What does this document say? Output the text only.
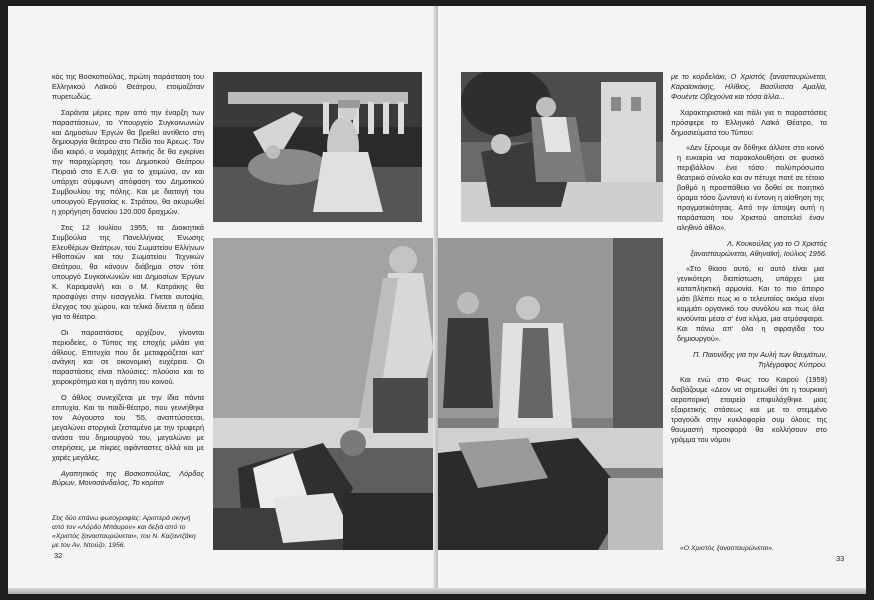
κός της Βοσκοπούλας, πρώτη παράσταση του Ελληνικού Λαϊκού Θεάτρου, ετοιμαζόταν πυρετωδώς.

Σαράντα μέρες πριν από την έναρξη των παραστάσεων, το Υπουργείο Συγκοινωνιών και Δημοσίων Έργων θα βρεθεί αντίθετο στη δημιουργία θεάτρου στο Πεδίο του Άρεως. Τον ίδιο καιρό, ο νομάρχης Αττικής δε θα εγκρίνει την παραχώρηση του Δημοτικού Θεάτρου Πειραιά στο Ε.Λ.Θ. για το χειμώνα, αν και υπάρχει σύμφωνη απόφαση του Δημοτικού Συμβουλίου της πόλης. Και με διαταγή του υπουργού Εργασίας κ. Στράτου, θα ακυρωθεί η χορήγηση δανείου 120.000 δραχμών.

Στις 12 Ιουλίου 1955, τα Διοικητικά Συμβούλια της Πανελλήνιας Ένωσης Ελευθέρων Θεάτρων, του Σωματείου Ελλήνων Ηθοποιών και του Σωματείου Τεχνικών Θεάτρου, θα κάνουν διάβημα στον τότε υπουργό Συγκοινωνιών και Δημοσίων Έργων Κ. Καραμανλή και ο Μ. Κατράκης θα προσφύγει στην εισαγγελία. Γίνεται αυτοψία, έλεγχος του χώρου, και τελικά δίνεται η άδεια για το θέατρο.

Οι παραστάσεις αρχίζουν, γίνονται περιοδείες, ο Τύπος της εποχής μιλάει για άθλους. Επιτυχία που δε μεταφράζεται κατ' ανάγκη και σε οικονομική ευχέρεια. Οι παραστάσεις είναι πλούσιες: πλούσιο και το χειροκρότημα και η αγάπη του κοινού.

Ο άθλος συνεχίζεται με την ίδια πάντα επιτυχία. Και το παιδί-θέατρο, που γεννήθηκε τον Αύγουστο του '55, αναπτύσσεται, μεγαλώνει στοργικά ζεσταμένο με την τρυφερή ανάσα του δημιουργού του, μεγαλώνει με στερήσεις, με πίκρες αφάνταστες αλλά και με χαρές μεγάλες.

Αγαπητικός της Βοσκοπούλας, Λόρδος Βύρων, Μονοσάνδαλος, Το κορίτσι

Στις δύο επάνω φωτογραφίες: Αριστερά σκηνή από τον «Λόρδο Μπάυρον» και δεξιά από το «Χριστός ξανασταυρώνεται», του Ν. Καζαντζάκη με τον Αν. Ντούζο, 1956.
32

με το κορδελάκι, Ο Χριστός ξανασταυρώνεται, Καραϊσκάκης, Ηλίθιος, Βασίλισσα Αμαλία, Φουέντε Οβεχούνα και τόσα άλλα...

Χαρακτηριστικά και πάλι για τι παραστάσεις πρόσφερε το Ελληνικό Λαϊκό Θέατρο, τα δημοσιεύματα του Τύπου:

«Δεν ξέρουμε αν δόθηκε άλλοτε στο κοινό η ευκαιρία να παρακολουθήσει σε φυσικό περιβάλλον ένα τόσο πολύπρόσωπο θεατρικό σύνολο και αν πέτυχε ποτέ σε τέτοιο βαθμό η προσπάθεια να δοθεί σε ποιητικό όραμα τόσο ζωντανή κι έντονη η αίσθηση της πραγματικότητας. Από την άποψη αυτή η παράσταση του Χριστού αποτελεί έναν αληθινό άθλο».

Λ. Κουκούλας για το Ο Χριστός ξανασταυρώνεται, Αθηναϊκή, Ιούλιος 1956.

«Στο θίασο αυτό, κι αυτό είναι μια γενικότερη διαπίστωση, υπάρχει μια καταπληκτική αρμονία. Και το πιο άπειρο μάτι βλέπει πως κι ο τελευταίος ακόμα είναι κομμάτι οργανικό του συνόλου και πως όλα κινούνται μέσα σ' ένα κλίμα, μια ατμόσφαιρα. Και πάνω απ' όλα η σφραγίδα του δημιουργού».

Π. Παιονίδης για την Αυλή των θαυμάτων, Τηλέγραφος Κύπρου.

Και ενώ στο Φως του Καιρού (1959) διαβάζουμε «Δεον να σημειωθεί ότι η τουρκική αεροπορική εταιρεία επιφυλάχθηκε μιας εξαιρετικής στάσεως και με το στεμμένο τραγούδι στην κυκλοφορία συμ όλους της θαυμαστή προσφορά θα κολλήσουν στο γράμμα του νόμου

«Ο Χριστός ξανασταυρώνεται».
33
